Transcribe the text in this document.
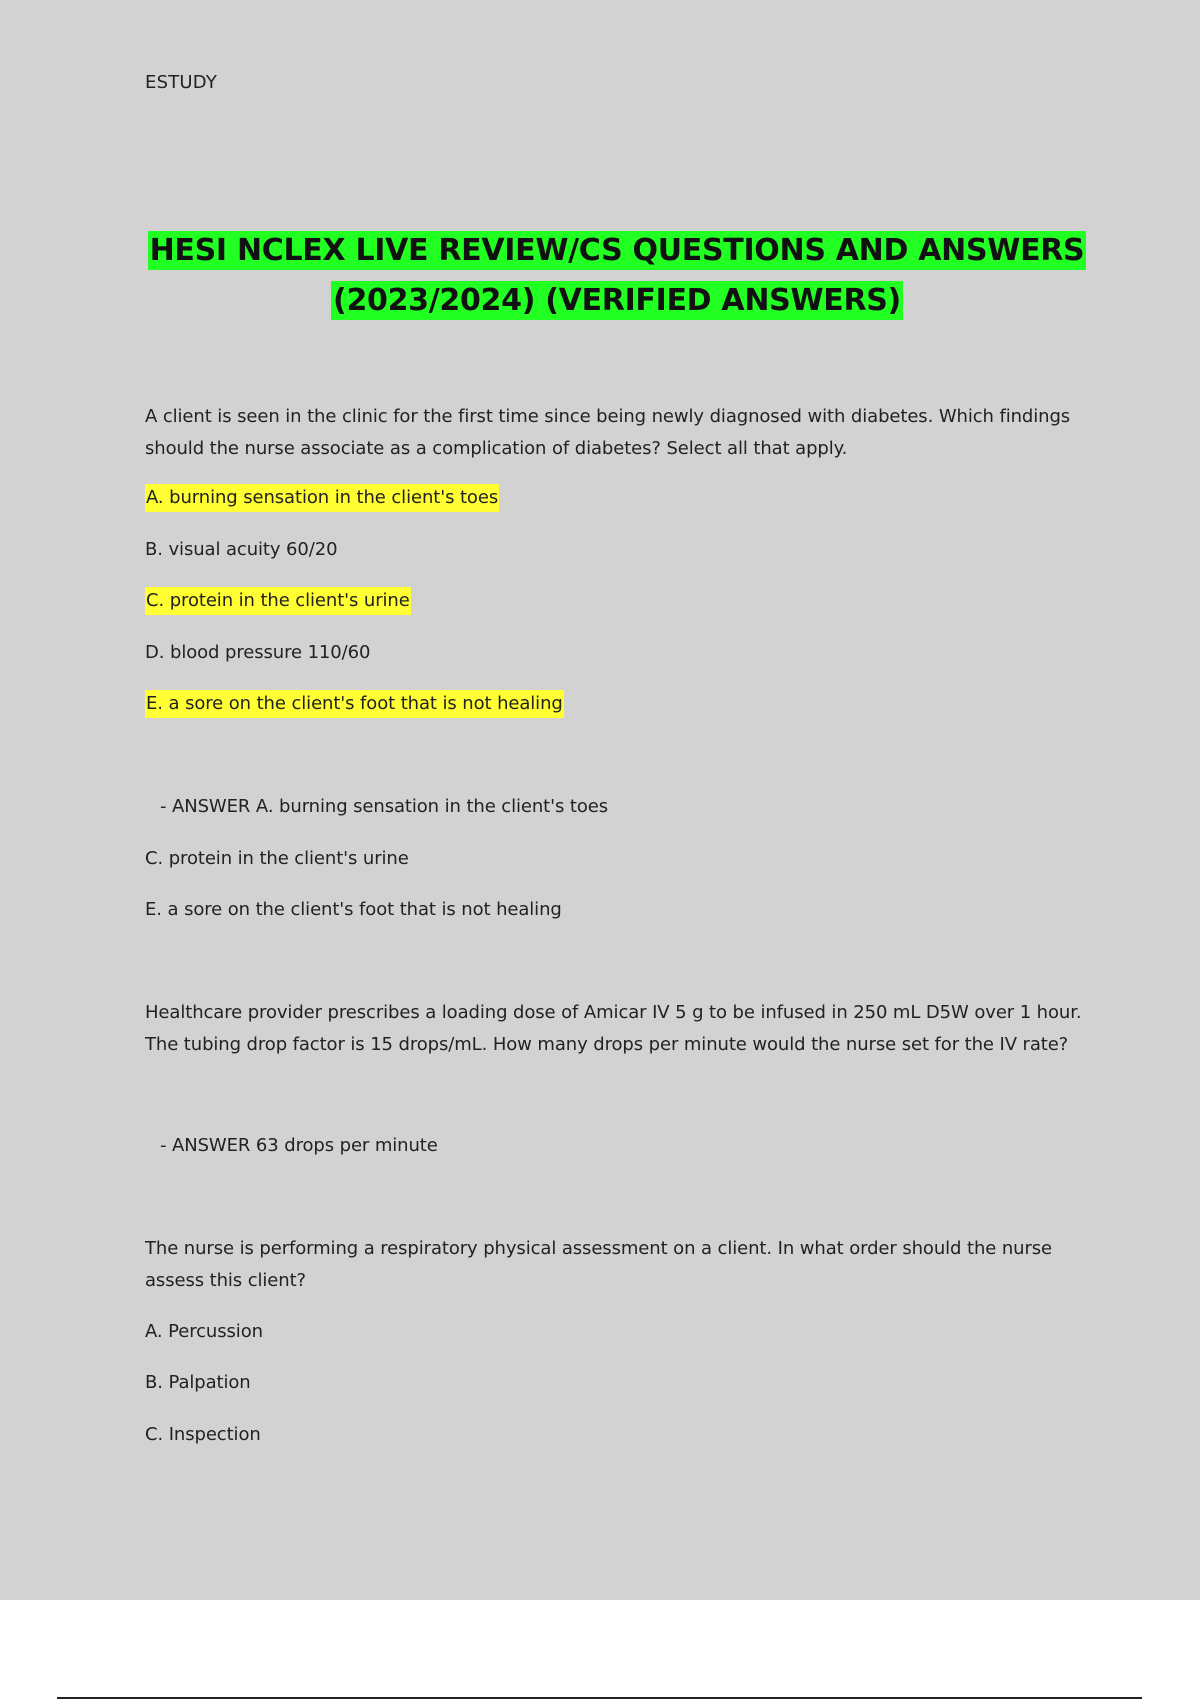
ESTUDY

HESI NCLEX LIVE REVIEW/CS QUESTIONS AND ANSWERS
(2023/2024) (VERIFIED ANSWERS)

A client is seen in the clinic for the first time since being newly diagnosed with diabetes. Which findings should the nurse associate as a complication of diabetes? Select all that apply.

A. burning sensation in the client's toes

B. visual acuity 60/20

C. protein in the client's urine

D. blood pressure 110/60

E. a sore on the client's foot that is not healing

- ANSWER A. burning sensation in the client's toes

C. protein in the client's urine

E. a sore on the client's foot that is not healing

Healthcare provider prescribes a loading dose of Amicar IV 5 g to be infused in 250 mL D5W over 1 hour. The tubing drop factor is 15 drops/mL. How many drops per minute would the nurse set for the IV rate?

- ANSWER 63 drops per minute

The nurse is performing a respiratory physical assessment on a client. In what order should the nurse assess this client?

A. Percussion

B. Palpation

C. Inspection
